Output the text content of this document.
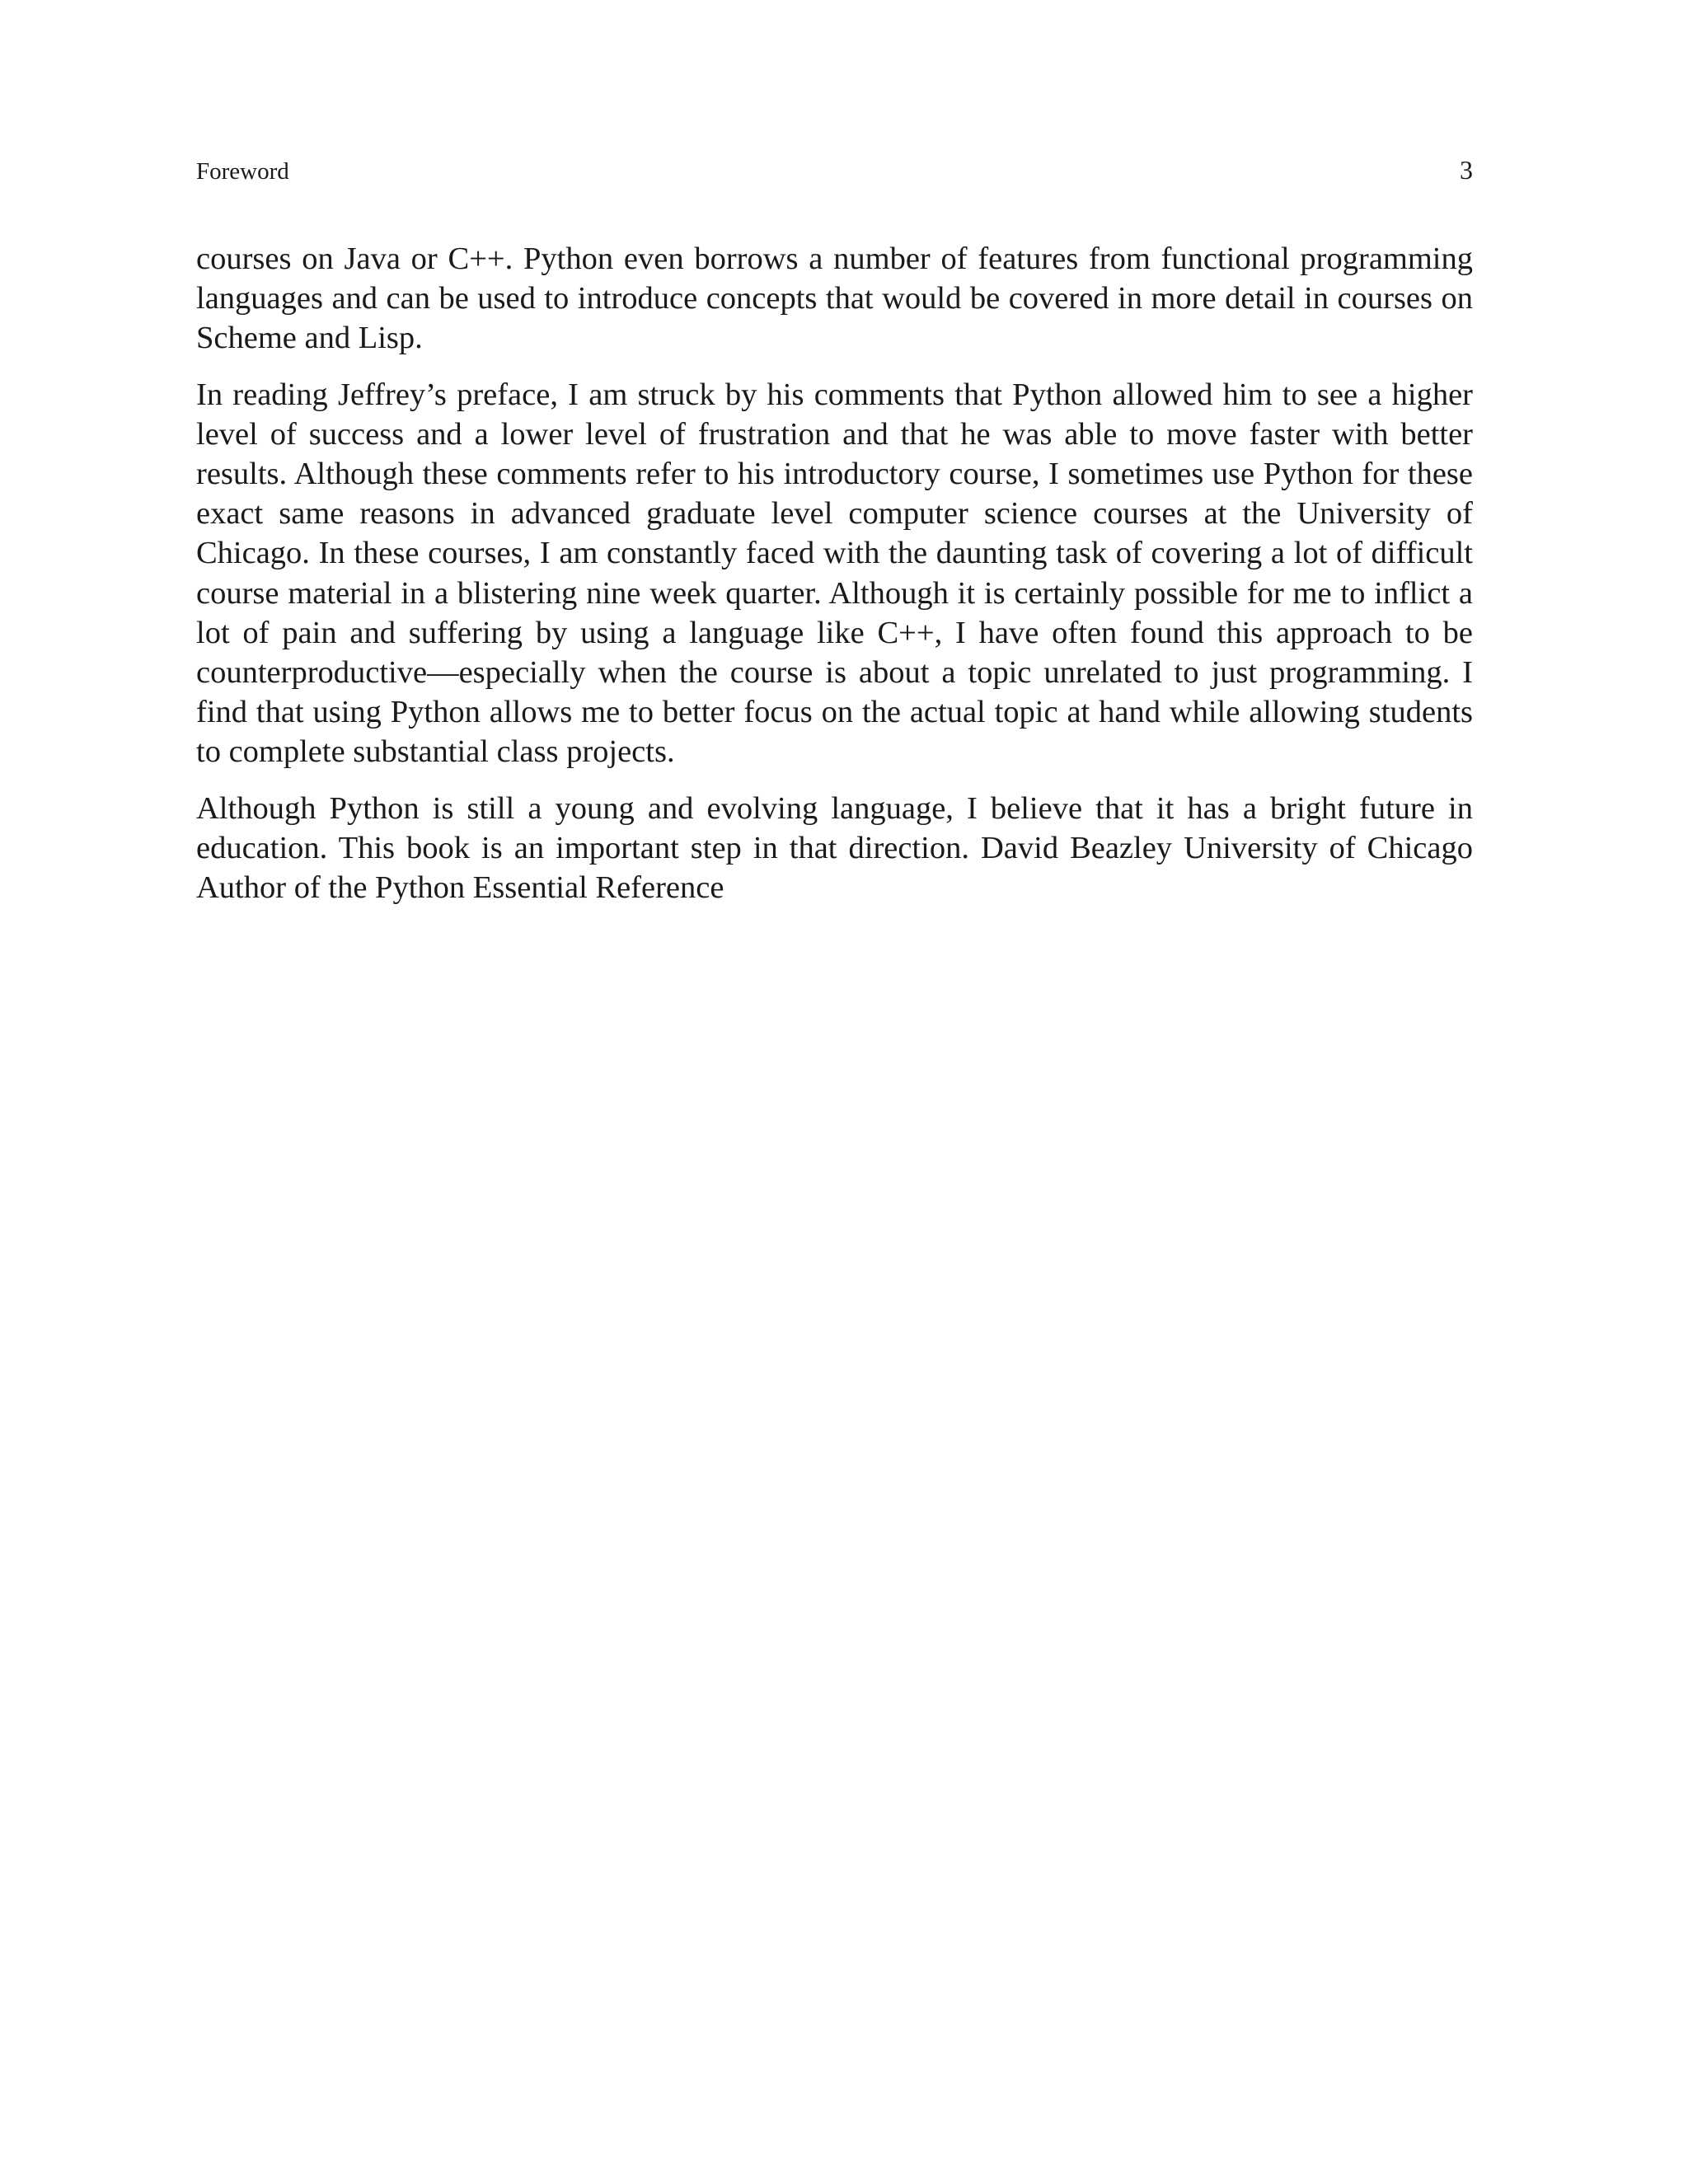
Foreword	3

courses on Java or C++. Python even borrows a number of features from functional programming languages and can be used to introduce concepts that would be covered in more detail in courses on Scheme and Lisp.

In reading Jeffrey’s preface, I am struck by his comments that Python allowed him to see a higher level of success and a lower level of frustration and that he was able to move faster with better results. Although these comments refer to his introductory course, I sometimes use Python for these exact same reasons in advanced graduate level computer science courses at the University of Chicago. In these courses, I am constantly faced with the daunting task of covering a lot of difficult course material in a blistering nine week quarter. Although it is certainly possible for me to inflict a lot of pain and suffering by using a language like C++, I have often found this approach to be counterproductive—especially when the course is about a topic unrelated to just programming. I find that using Python allows me to better focus on the actual topic at hand while allowing students to complete substantial class projects.

Although Python is still a young and evolving language, I believe that it has a bright future in education. This book is an important step in that direction. David Beazley University of Chicago Author of the Python Essential Reference
